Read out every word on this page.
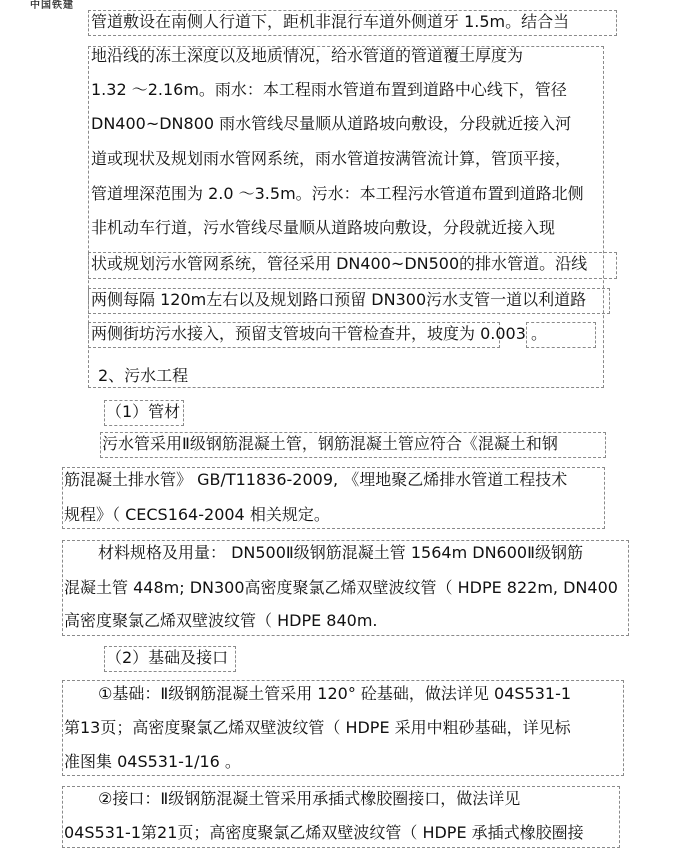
中国铁建
管道敷设在南侧人行道下，距机非混行车道外侧道牙 1.5m。结合当
地沿线的冻土深度以及地质情况，给水管道的管道覆土厚度为
1.32 ～2.16m。雨水：本工程雨水管道布置到道路中心线下，管径
DN400~DN800 雨水管线尽量顺从道路坡向敷设，分段就近接入河
道或现状及规划雨水管网系统，雨水管道按满管流计算，管顶平接，
管道埋深范围为 2.0 ～3.5m。污水：本工程污水管道布置到道路北侧
非机动车行道，污水管线尽量顺从道路坡向敷设，分段就近接入现
状或规划污水管网系统，管径采用 DN400~DN500的排水管道。沿线
两侧每隔 120m左右以及规划路口预留 DN300污水支管一道以利道路
两侧街坊污水接入，预留支管坡向干管检查井，坡度为 0.003 。
2、污水工程
（1）管材
污水管采用Ⅱ级钢筋混凝土管，钢筋混凝土管应符合《混凝土和钢
筋混凝土排水管》 GB/T11836-2009, 《埋地聚乙烯排水管道工程技术
规程》（ CECS164-2004 相关规定。
材料规格及用量： DN500Ⅱ级钢筋混凝土管 1564m DN600Ⅱ级钢筋
混凝土管 448m; DN300高密度聚氯乙烯双壁波纹管（ HDPE 822m, DN400
高密度聚氯乙烯双壁波纹管（ HDPE 840m.
（2）基础及接口
①基础：Ⅱ级钢筋混凝土管采用 120° 砼基础，做法详见 04S531-1
第13页；高密度聚氯乙烯双壁波纹管（ HDPE 采用中粗砂基础，详见标
准图集 04S531-1/16 。
②接口：Ⅱ级钢筋混凝土管采用承插式橡胶圈接口，做法详见
04S531-1第21页；高密度聚氯乙烯双壁波纹管（ HDPE 承插式橡胶圈接
